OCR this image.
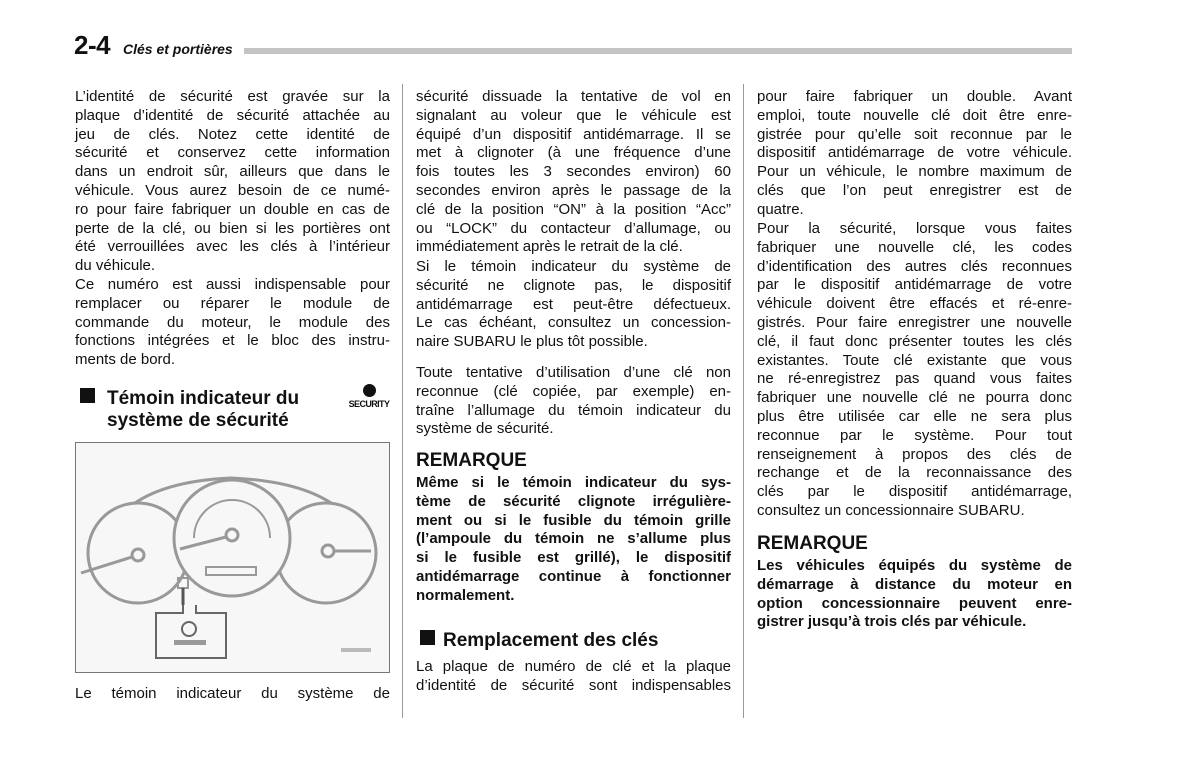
2-4 Clés et portières
L’identité de sécurité est gravée sur la
plaque d’identité de sécurité attachée au
jeu de clés. Notez cette identité de
sécurité et conservez cette information
dans un endroit sûr, ailleurs que dans le
véhicule. Vous aurez besoin de ce numé-
ro pour faire fabriquer un double en cas de
perte de la clé, ou bien si les portières ont
été verrouillées avec les clés à l’intérieur
du véhicule.
Ce numéro est aussi indispensable pour
remplacer ou réparer le module de
commande du moteur, le module des
fonctions intégrées et le bloc des instru-
ments de bord.
Témoin indicateur du
système de sécurité
SECURITY
Le témoin indicateur du système de
sécurité dissuade la tentative de vol en
signalant au voleur que le véhicule est
équipé d’un dispositif antidémarrage. Il se
met à clignoter (à une fréquence d’une
fois toutes les 3 secondes environ) 60
secondes environ après le passage de la
clé de la position “ON” à la position “Acc”
ou “LOCK” du contacteur d’allumage, ou
immédiatement après le retrait de la clé.
Si le témoin indicateur du système de
sécurité ne clignote pas, le dispositif
antidémarrage est peut-être défectueux.
Le cas échéant, consultez un concession-
naire SUBARU le plus tôt possible.
Toute tentative d’utilisation d’une clé non
reconnue (clé copiée, par exemple) en-
traîne l’allumage du témoin indicateur du
système de sécurité.
REMARQUE
Même si le témoin indicateur du sys-
tème de sécurité clignote irrégulière-
ment ou si le fusible du témoin grille
(l’ampoule du témoin ne s’allume plus
si le fusible est grillé), le dispositif
antidémarrage continue à fonctionner
normalement.
Remplacement des clés
La plaque de numéro de clé et la plaque
d’identité de sécurité sont indispensables
pour faire fabriquer un double. Avant
emploi, toute nouvelle clé doit être enre-
gistrée pour qu’elle soit reconnue par le
dispositif antidémarrage de votre véhicule.
Pour un véhicule, le nombre maximum de
clés que l’on peut enregistrer est de
quatre.
Pour la sécurité, lorsque vous faites
fabriquer une nouvelle clé, les codes
d’identification des autres clés reconnues
par le dispositif antidémarrage de votre
véhicule doivent être effacés et ré-enre-
gistrés. Pour faire enregistrer une nouvelle
clé, il faut donc présenter toutes les clés
existantes. Toute clé existante que vous
ne ré-enregistrez pas quand vous faites
fabriquer une nouvelle clé ne pourra donc
plus être utilisée car elle ne sera plus
reconnue par le système. Pour tout
renseignement à propos des clés de
rechange et de la reconnaissance des
clés par le dispositif antidémarrage,
consultez un concessionnaire SUBARU.
REMARQUE
Les véhicules équipés du système de
démarrage à distance du moteur en
option concessionnaire peuvent enre-
gistrer jusqu’à trois clés par véhicule.
